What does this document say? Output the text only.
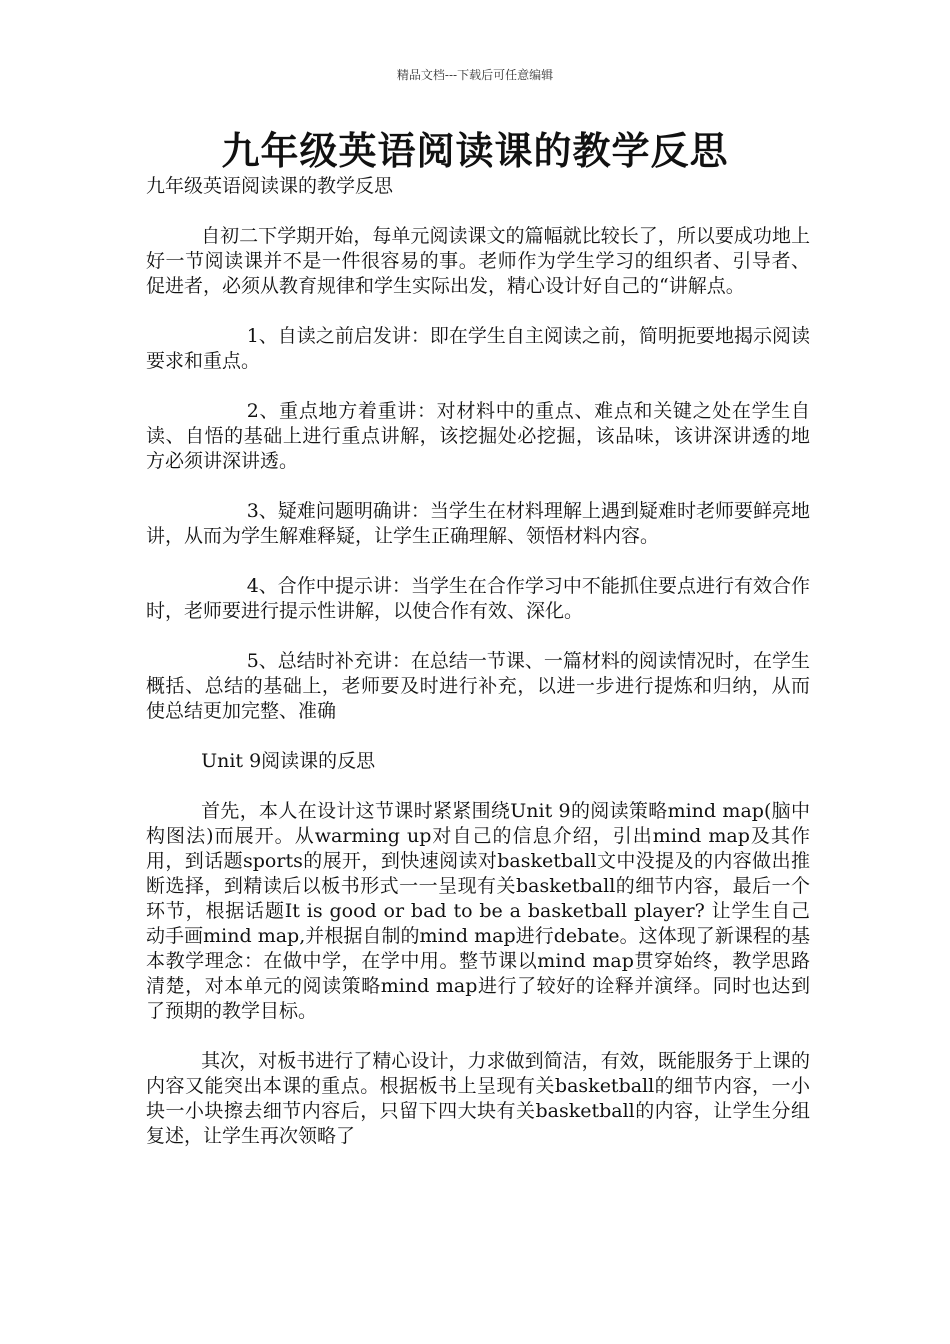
精品文档---下载后可任意编辑
九年级英语阅读课的教学反思

九年级英语阅读课的教学反思

自初二下学期开始，每单元阅读课文的篇幅就比较长了，所以要成功地上好一节阅读课并不是一件很容易的事。老师作为学生学习的组织者、引导者、促进者，必须从教育规律和学生实际出发，精心设计好自己的“讲解点。

1、自读之前启发讲：即在学生自主阅读之前，简明扼要地揭示阅读要求和重点。

2、重点地方着重讲：对材料中的重点、难点和关键之处在学生自读、自悟的基础上进行重点讲解，该挖掘处必挖掘，该品味，该讲深讲透的地方必须讲深讲透。

3、疑难问题明确讲：当学生在材料理解上遇到疑难时老师要鲜亮地讲，从而为学生解难释疑，让学生正确理解、领悟材料内容。

4、合作中提示讲：当学生在合作学习中不能抓住要点进行有效合作时，老师要进行提示性讲解，以使合作有效、深化。

5、总结时补充讲：在总结一节课、一篇材料的阅读情况时，在学生概括、总结的基础上，老师要及时进行补充，以进一步进行提炼和归纳，从而使总结更加完整、准确

Unit 9阅读课的反思

首先，本人在设计这节课时紧紧围绕Unit 9的阅读策略mind map(脑中构图法)而展开。从warming up对自己的信息介绍，引出mind map及其作用，到话题sports的展开，到快速阅读对basketball文中没提及的内容做出推断选择，到精读后以板书形式一一呈现有关basketball的细节内容，最后一个环节，根据话题It is good or bad to be a basketball player? 让学生自己动手画mind map,并根据自制的mind map进行debate。这体现了新课程的基本教学理念：在做中学，在学中用。整节课以mind map贯穿始终，教学思路清楚，对本单元的阅读策略mind map进行了较好的诠释并演绎。同时也达到了预期的教学目标。

其次，对板书进行了精心设计，力求做到简洁，有效，既能服务于上课的内容又能突出本课的重点。根据板书上呈现有关basketball的细节内容，一小块一小块擦去细节内容后，只留下四大块有关basketball的内容，让学生分组复述，让学生再次领略了
